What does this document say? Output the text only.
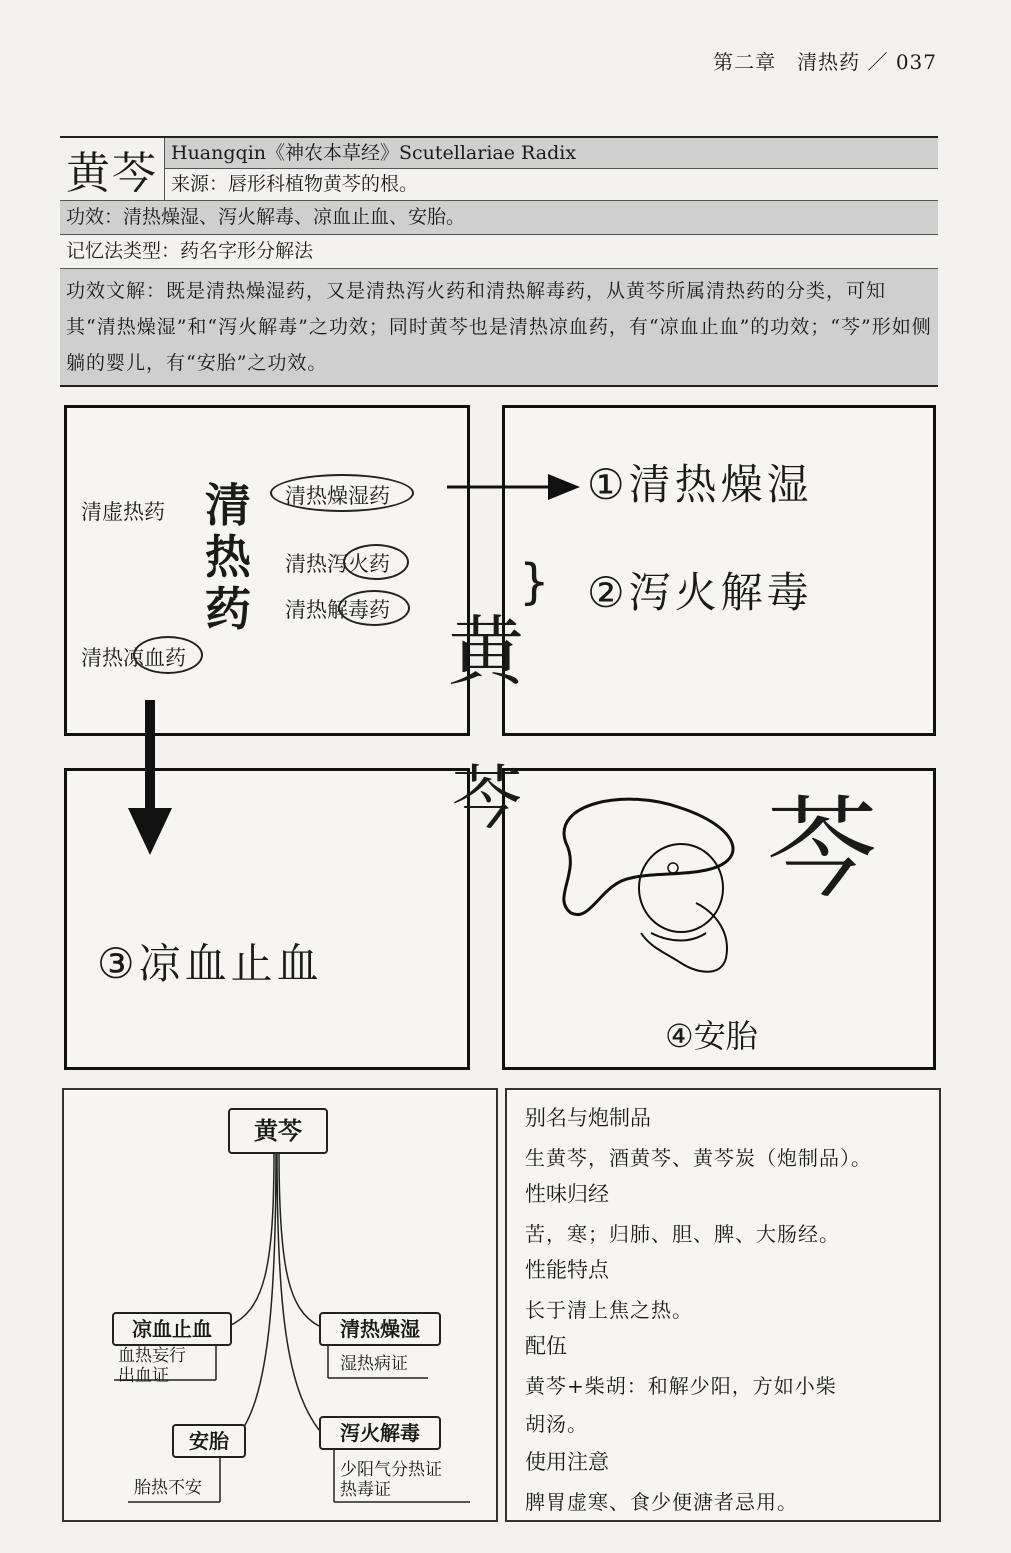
第二章　清热药 ／ 037
黄芩 Huangqin《神农本草经》Scutellariae Radix
来源：唇形科植物黄芩的根。
功效：清热燥湿、泻火解毒、凉血止血、安胎。
记忆法类型：药名字形分解法
功效文解：既是清热燥湿药，又是清热泻火药和清热解毒药，从黄芩所属清热药的分类，可知其“清热燥湿”和“泻火解毒”之功效；同时黄芩也是清热凉血药，有“凉血止血”的功效；“芩”形如侧躺的婴儿，有“安胎”之功效。
清虚热药 清
热
药
清热燥湿药
清热泻火药
清热解毒药
清热凉血药
①清热燥湿
②泻火解毒
}
③凉血止血
芩
④安胎
黄
芩
黄芩
凉血止血
血热妄行
出血证
安胎
胎热不安
清热燥湿
湿热病证
泻火解毒
少阳气分热证
热毒证
别名与炮制品
生黄芩，酒黄芩、黄芩炭（炮制品）。
性味归经
苦，寒；归肺、胆、脾、大肠经。
性能特点
长于清上焦之热。
配伍
黄芩+柴胡：和解少阳，方如小柴
胡汤。
使用注意
脾胃虚寒、食少便溏者忌用。
